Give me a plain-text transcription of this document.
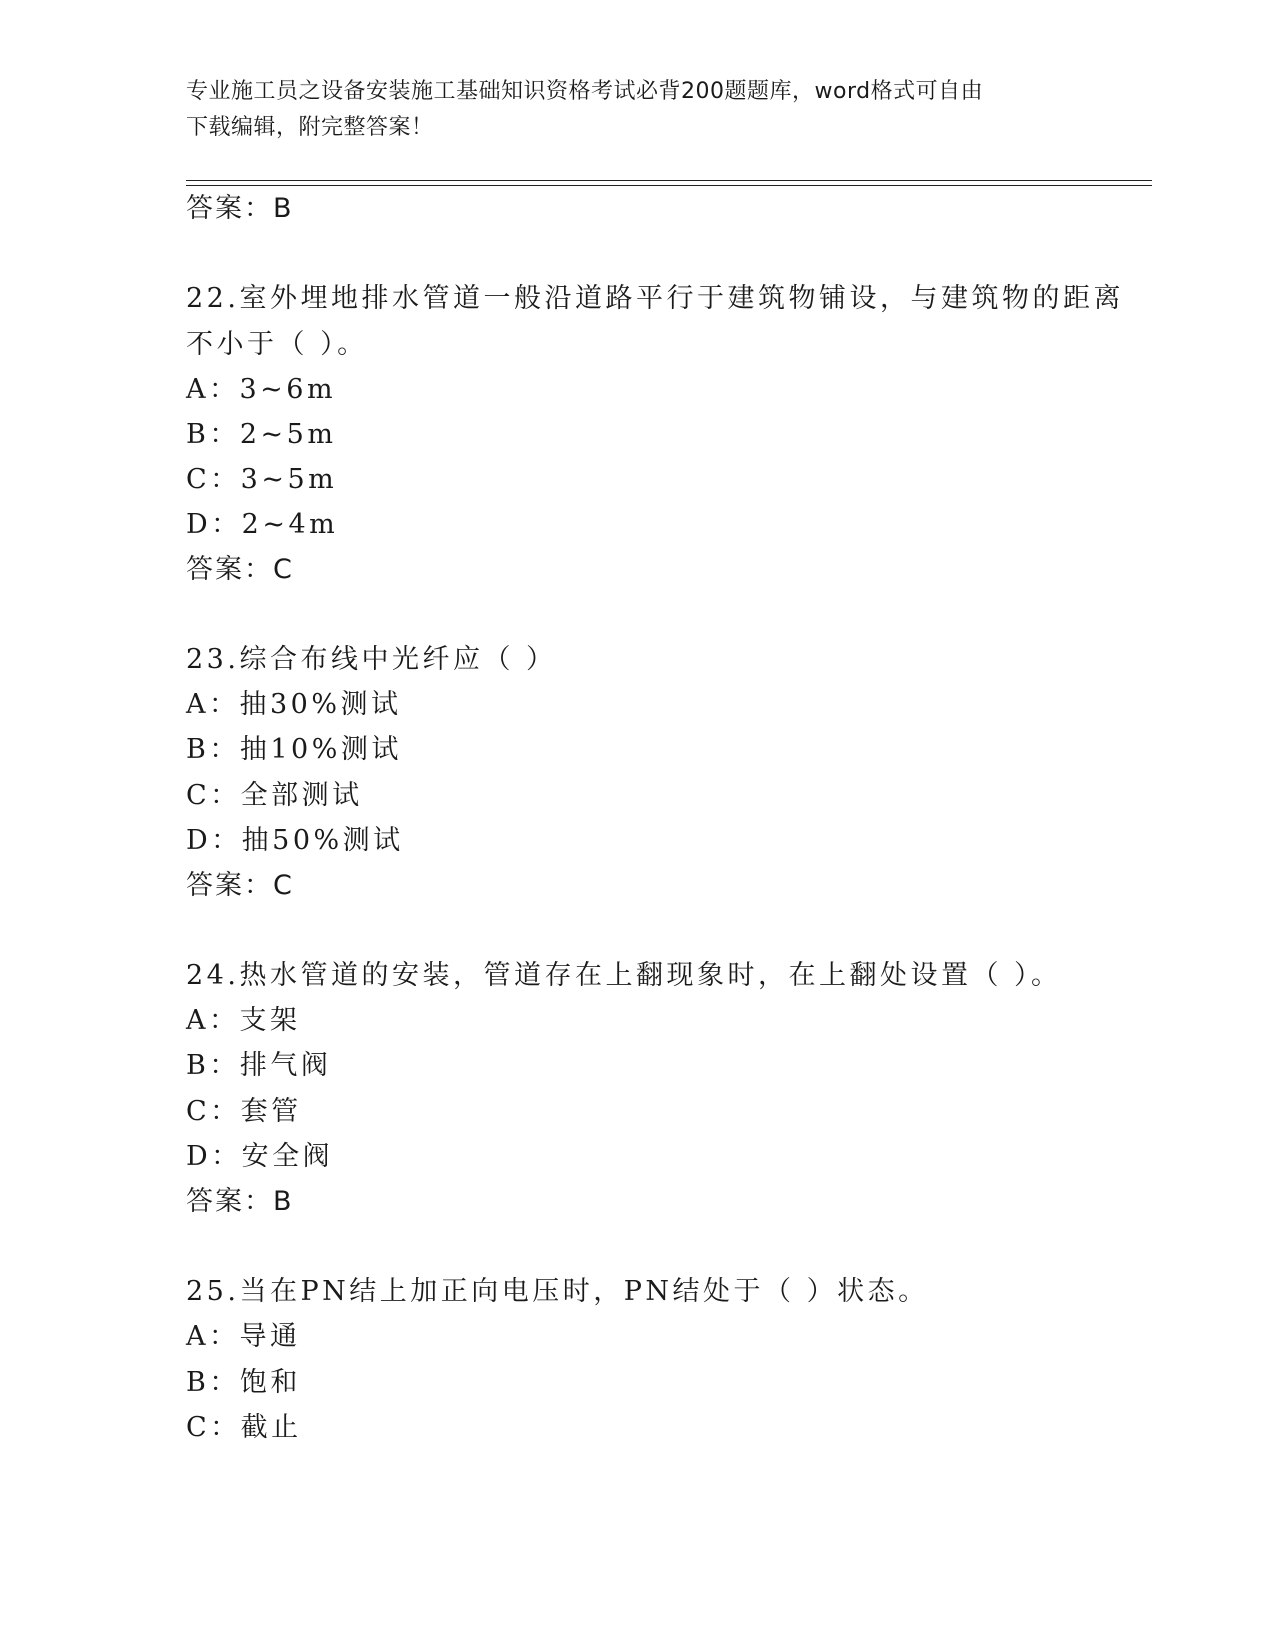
专业施工员之设备安装施工基础知识资格考试必背200题题库，word格式可自由
下载编辑，附完整答案！
答案：B
22.室外埋地排水管道一般沿道路平行于建筑物铺设，与建筑物的距离
不小于（ ）。
A：3~6m
B：2~5m
C：3~5m
D：2~4m
答案：C
23.综合布线中光纤应（ ）
A：抽30%测试
B：抽10%测试
C：全部测试
D：抽50%测试
答案：C
24.热水管道的安装，管道存在上翻现象时，在上翻处设置（ ）。
A：支架
B：排气阀
C：套管
D：安全阀
答案：B
25.当在PN结上加正向电压时，PN结处于（ ）状态。
A：导通
B：饱和
C：截止
